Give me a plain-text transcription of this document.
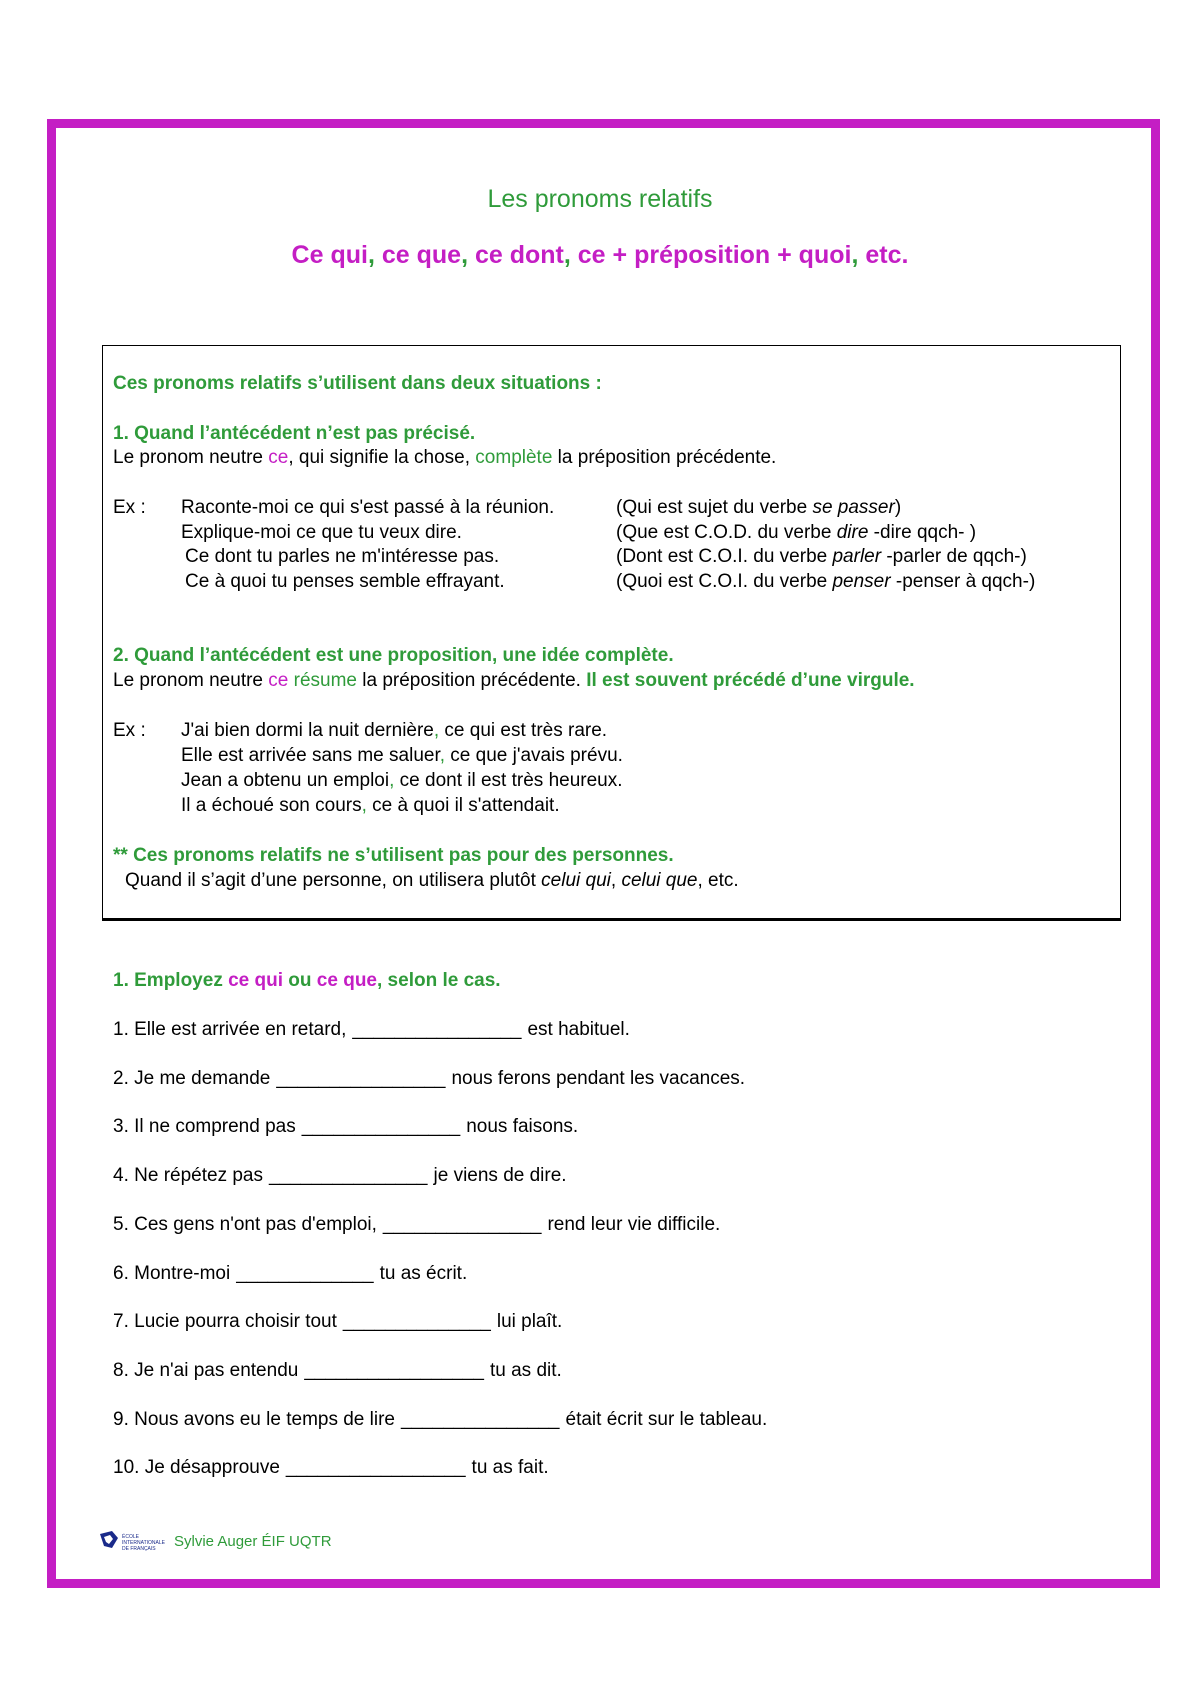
Les pronoms relatifs
Ce qui, ce que, ce dont, ce + préposition + quoi, etc.
Ces pronoms relatifs s’utilisent dans deux situations :
1. Quand l’antécédent n’est pas précisé.
Le pronom neutre ce, qui signifie la chose, complète la préposition précédente.
Ex : Raconte-moi ce qui s'est passé à la réunion.	(Qui est sujet du verbe se passer)
Explique-moi ce que tu veux dire.	(Que est C.O.D. du verbe dire -dire qqch- )
Ce dont tu parles ne m'intéresse pas.	(Dont est C.O.I. du verbe parler -parler de qqch-)
Ce à quoi tu penses semble effrayant.	(Quoi est C.O.I. du verbe penser -penser à qqch-)
2. Quand l’antécédent est une proposition, une idée complète.
Le pronom neutre ce résume la préposition précédente. Il est souvent précédé d’une virgule.
Ex : J'ai bien dormi la nuit dernière, ce qui est très rare.
Elle est arrivée sans me saluer, ce que j'avais prévu.
Jean a obtenu un emploi, ce dont il est très heureux.
Il a échoué son cours, ce à quoi il s'attendait.
** Ces pronoms relatifs ne s’utilisent pas pour des personnes.
Quand il s’agit d’une personne, on utilisera plutôt celui qui, celui que, etc.
1. Employez ce qui ou ce que, selon le cas.
1. Elle est arrivée en retard, ________________ est habituel.
2. Je me demande ________________ nous ferons pendant les vacances.
3. Il ne comprend pas _______________ nous faisons.
4. Ne répétez pas _______________ je viens de dire.
5. Ces gens n'ont pas d'emploi, _______________ rend leur vie difficile.
6. Montre-moi _____________ tu as écrit.
7. Lucie pourra choisir tout ______________ lui plaît.
8. Je n'ai pas entendu _________________ tu as dit.
9. Nous avons eu le temps de lire _______________ était écrit sur le tableau.
10. Je désapprouve _________________ tu as fait.
ÉCOLE
INTERNATIONALE
DE FRANÇAIS Sylvie Auger ÉIF UQTR
